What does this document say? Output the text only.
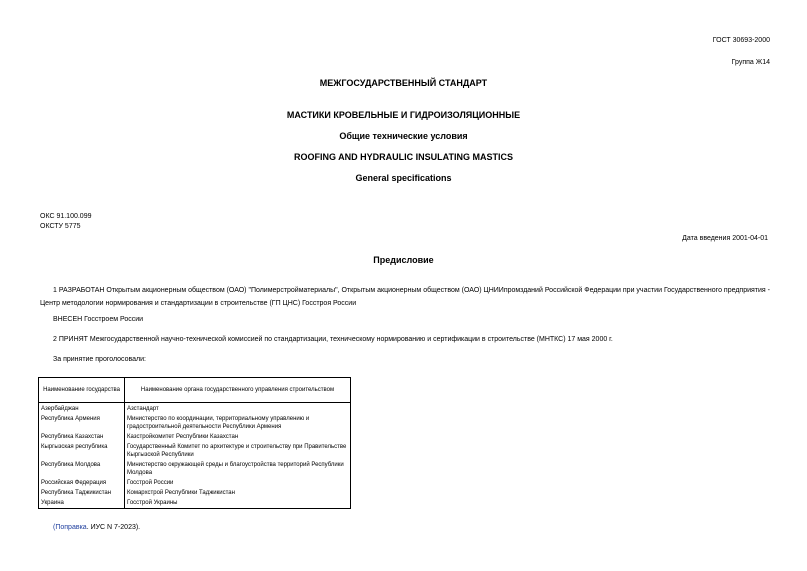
ГОСТ 30693-2000
Группа Ж14
МЕЖГОСУДАРСТВЕННЫЙ СТАНДАРТ
МАСТИКИ КРОВЕЛЬНЫЕ И ГИДРОИЗОЛЯЦИОННЫЕ
Общие технические условия
ROOFING AND HYDRAULIC INSULATING MASTICS
General specifications
ОКС 91.100.099
ОКСТУ 5775
Дата введения 2001-04-01
Предисловие
1 РАЗРАБОТАН Открытым акционерным обществом (ОАО) "Полимерстройматериалы", Открытым акционерным обществом (ОАО) ЦНИИпромзданий Российской Федерации при участии Государственного предприятия - Центр методологии нормирования и стандартизации в строительстве (ГП ЦНС) Госстроя России
ВНЕСЕН Госстроем России
2 ПРИНЯТ Межгосударственной научно-технической комиссией по стандартизации, техническому нормированию и сертификации в строительстве (МНТКС) 17 мая 2000 г.
За принятие проголосовали:
Наименование государства	Наименование органа государственного управления строительством
Азербайджан	Азстандарт
Республика Армения	Министерство по координации, территориальному управлению и градостроительной деятельности Республики Армения
Республика Казахстан	Казстройкомитет Республики Казахстан
Кыргызская республика	Государственный Комитет по архитектуре и строительству при Правительстве Кыргызской Республики
Республика Молдова	Министерство окружающей среды и благоустройства территорий Республики Молдова
Российская Федерация	Госстрой России
Республика Таджикистан	Комархстрой Республики Таджикистан
Украина	Госстрой Украины
(Поправка. ИУС N 7-2023).
